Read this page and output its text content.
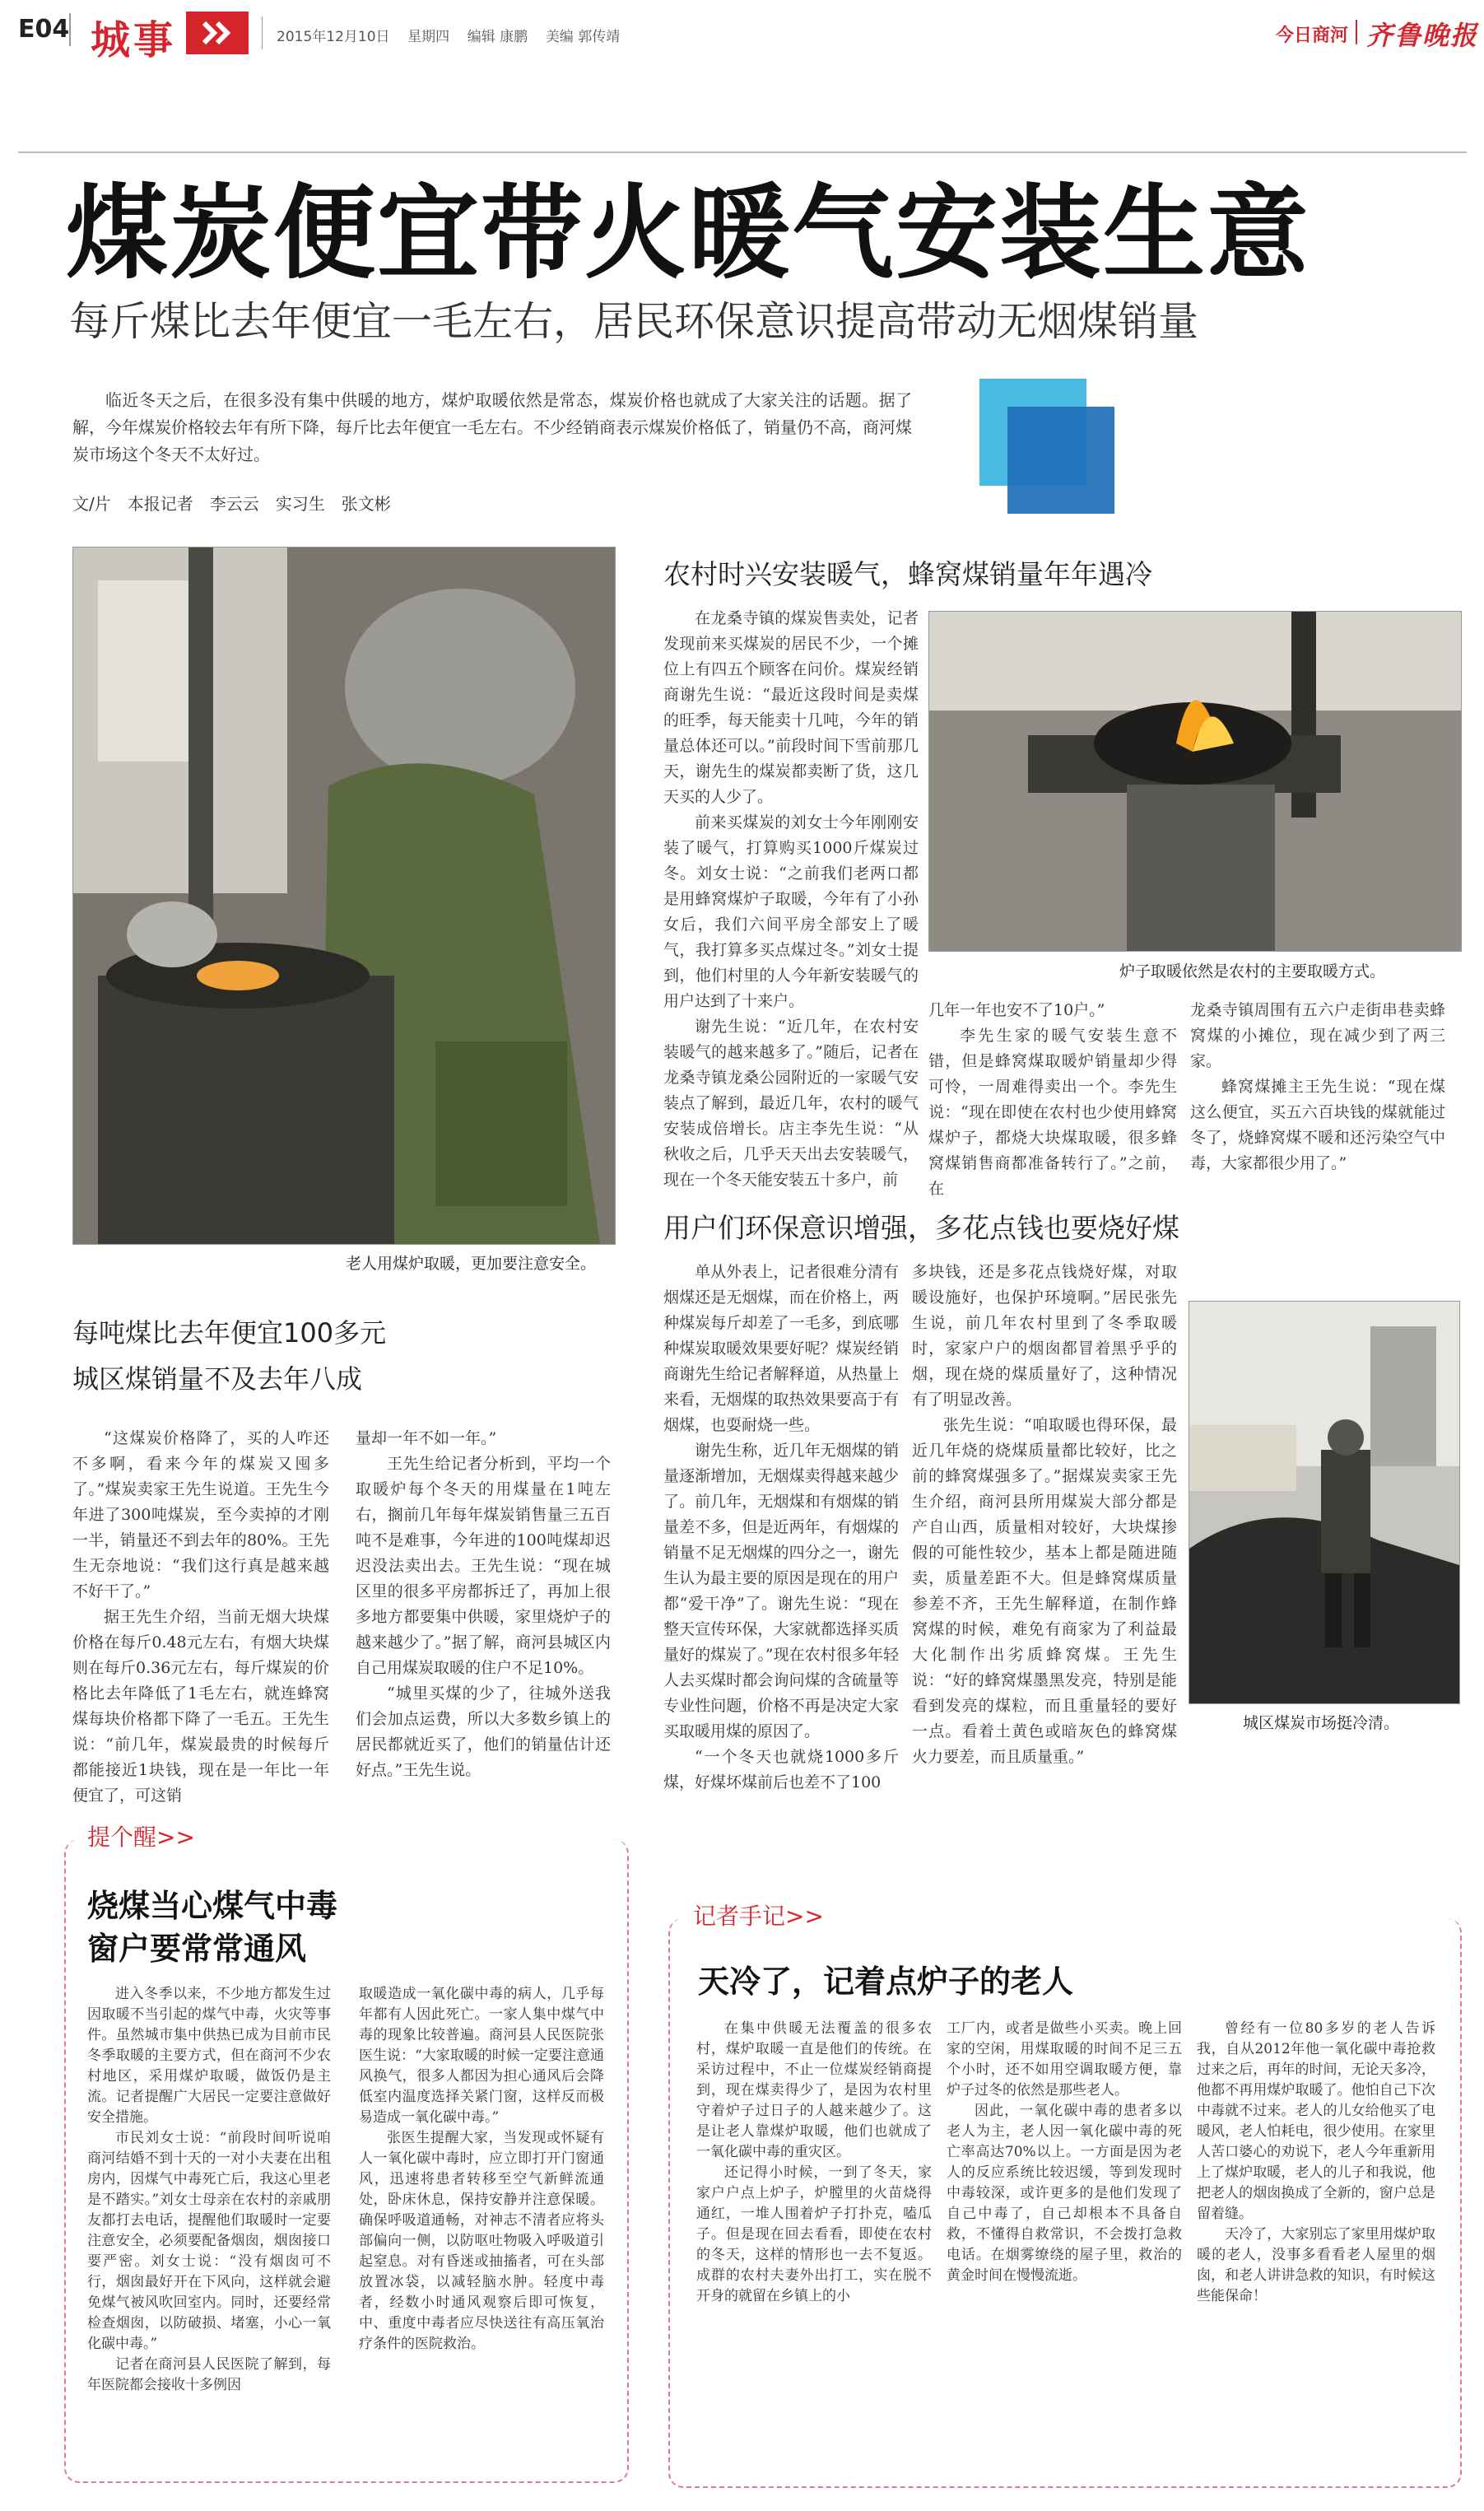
E04 城事	2015年12月10日 星期四 编辑 康鹏 美编 郭传靖	今日商河 齐鲁晚报
煤炭便宜带火暖气安装生意
每斤煤比去年便宜一毛左右，居民环保意识提高带动无烟煤销量

临近冬天之后，在很多没有集中供暖的地方，煤炉取暖依然是常态，煤炭价格也就成了大家关注的话题。据了解，今年煤炭价格较去年有所下降，每斤比去年便宜一毛左右。不少经销商表示煤炭价格低了，销量仍不高，商河煤炭市场这个冬天不太好过。

文/片　本报记者　李云云　实习生　张文彬
老人用煤炉取暖，更加要注意安全。
农村时兴安装暖气，蜂窝煤销量年年遇冷

在龙桑寺镇的煤炭售卖处，记者发现前来买煤炭的居民不少，一个摊位上有四五个顾客在问价。煤炭经销商谢先生说：“最近这段时间是卖煤的旺季，每天能卖十几吨，今年的销量总体还可以。”前段时间下雪前那几天，谢先生的煤炭都卖断了货，这几天买的人少了。

前来买煤炭的刘女士今年刚刚安装了暖气，打算购买1000斤煤炭过冬。刘女士说：“之前我们老两口都是用蜂窝煤炉子取暖，今年有了小孙女后，我们六间平房全部安上了暖气，我打算多买点煤过冬。”刘女士提到，他们村里的人今年新安装暖气的用户达到了十来户。

谢先生说：“近几年，在农村安装暖气的越来越多了。”随后，记者在龙桑寺镇龙桑公园附近的一家暖气安装点了解到，最近几年，农村的暖气安装成倍增长。店主李先生说：“从秋收之后，几乎天天出去安装暖气，现在一个冬天能安装五十多户，前

炉子取暖依然是农村的主要取暖方式。

几年一年也安不了10户。”

李先生家的暖气安装生意不错，但是蜂窝煤取暖炉销量却少得可怜，一周难得卖出一个。李先生说：“现在即使在农村也少使用蜂窝煤炉子，都烧大块煤取暖，很多蜂窝煤销售商都准备转行了。”之前，在

龙桑寺镇周围有五六户走街串巷卖蜂窝煤的小摊位，现在减少到了两三家。

蜂窝煤摊主王先生说：“现在煤这么便宜，买五六百块钱的煤就能过冬了，烧蜂窝煤不暖和还污染空气中毒，大家都很少用了。”

用户们环保意识增强，多花点钱也要烧好煤

单从外表上，记者很难分清有烟煤还是无烟煤，而在价格上，两种煤炭每斤却差了一毛多，到底哪种煤炭取暖效果要好呢？煤炭经销商谢先生给记者解释道，从热量上来看，无烟煤的取热效果要高于有烟煤，也耍耐烧一些。

谢先生称，近几年无烟煤的销量逐渐增加，无烟煤卖得越来越少了。前几年，无烟煤和有烟煤的销量差不多，但是近两年，有烟煤的销量不足无烟煤的四分之一，谢先生认为最主要的原因是现在的用户都“爱干净”了。谢先生说：“现在整天宣传环保，大家就都选择买质量好的煤炭了。”现在农村很多年轻人去买煤时都会询问煤的含硫量等专业性问题，价格不再是决定大家买取暖用煤的原因了。

“一个冬天也就烧1000多斤煤，好煤坏煤前后也差不了100

多块钱，还是多花点钱烧好煤，对取暖设施好，也保护环境啊。”居民张先生说，前几年农村里到了冬季取暖时，家家户户的烟囱都冒着黑乎乎的烟，现在烧的煤质量好了，这种情况有了明显改善。

张先生说：“咱取暖也得环保，最近几年烧的烧煤质量都比较好，比之前的蜂窝煤强多了。”据煤炭卖家王先生介绍，商河县所用煤炭大部分都是产自山西，质量相对较好，大块煤掺假的可能性较少，基本上都是随进随卖，质量差距不大。但是蜂窝煤质量参差不齐，王先生解释道，在制作蜂窝煤的时候，难免有商家为了利益最大化制作出劣质蜂窝煤。王先生说：“好的蜂窝煤墨黑发亮，特别是能看到发亮的煤粒，而且重量轻的要好一点。看着土黄色或暗灰色的蜂窝煤火力要差，而且质量重。”

城区煤炭市场挺冷清。
每吨煤比去年便宜100多元
城区煤销量不及去年八成

“这煤炭价格降了，买的人咋还不多啊，看来今年的煤炭又囤多了。”煤炭卖家王先生说道。王先生今年进了300吨煤炭，至今卖掉的才刚一半，销量还不到去年的80%。王先生无奈地说：“我们这行真是越来越不好干了。”

据王先生介绍，当前无烟大块煤价格在每斤0.48元左右，有烟大块煤则在每斤0.36元左右，每斤煤炭的价格比去年降低了1毛左右，就连蜂窝煤每块价格都下降了一毛五。王先生说：“前几年，煤炭最贵的时候每斤都能接近1块钱，现在是一年比一年便宜了，可这销

量却一年不如一年。”

王先生给记者分析到，平均一个取暖炉每个冬天的用煤量在1吨左右，搁前几年每年煤炭销售量三五百吨不是难事，今年进的100吨煤却迟迟没法卖出去。王先生说：“现在城区里的很多平房都拆迁了，再加上很多地方都要集中供暖，家里烧炉子的越来越少了。”据了解，商河县城区内自己用煤炭取暖的住户不足10%。

“城里买煤的少了，往城外送我们会加点运费，所以大多数乡镇上的居民都就近买了，他们的销量估计还好点。”王先生说。

提个醒>>
烧煤当心煤气中毒
窗户要常常通风

进入冬季以来，不少地方都发生过因取暖不当引起的煤气中毒，火灾等事件。虽然城市集中供热已成为目前市民冬季取暖的主要方式，但在商河不少农村地区，采用煤炉取暖，做饭仍是主流。记者提醒广大居民一定要注意做好安全措施。

市民刘女士说：“前段时间听说咱商河结婚不到十天的一对小夫妻在出租房内，因煤气中毒死亡后，我这心里老是不踏实。”刘女士母亲在农村的亲戚朋友都打去电话，提醒他们取暖时一定要注意安全，必须要配备烟囱，烟囱接口要严密。刘女士说：“没有烟囱可不行，烟囱最好开在下风向，这样就会避免煤气被风吹回室内。同时，还要经常检查烟囱，以防破损、堵塞，小心一氧化碳中毒。”

记者在商河县人民医院了解到，每年医院都会接收十多例因

取暖造成一氧化碳中毒的病人，几乎每年都有人因此死亡。一家人集中煤气中毒的现象比较普遍。商河县人民医院张医生说：“大家取暖的时候一定要注意通风换气，很多人都因为担心通风后会降低室内温度选择关紧门窗，这样反而极易造成一氧化碳中毒。”

张医生提醒大家，当发现或怀疑有人一氧化碳中毒时，应立即打开门窗通风，迅速将患者转移至空气新鲜流通处，卧床休息，保持安静并注意保暖。确保呼吸道通畅，对神志不清者应将头部偏向一侧，以防呕吐物吸入呼吸道引起窒息。对有昏迷或抽搐者，可在头部放置冰袋，以减轻脑水肿。轻度中毒者，经数小时通风观察后即可恢复，中、重度中毒者应尽快送往有高压氧治疗条件的医院救治。

记者手记>>
天冷了，记着点炉子的老人

在集中供暖无法覆盖的很多农村，煤炉取暖一直是他们的传统。在采访过程中，不止一位煤炭经销商提到，现在煤卖得少了，是因为农村里守着炉子过日子的人越来越少了。这是让老人靠煤炉取暖，他们也就成了一氧化碳中毒的重灾区。

还记得小时候，一到了冬天，家家户户点上炉子，炉膛里的火苗烧得通红，一堆人围着炉子打扑克，嗑瓜子。但是现在回去看看，即使在农村的冬天，这样的情形也一去不复返。成群的农村夫妻外出打工，实在脱不开身的就留在乡镇上的小

工厂内，或者是做些小买卖。晚上回家的空闲，用煤取暖的时间不足三五个小时，还不如用空调取暖方便，靠炉子过冬的依然是那些老人。

因此，一氧化碳中毒的患者多以老人为主，老人因一氧化碳中毒的死亡率高达70%以上。一方面是因为老人的反应系统比较迟缓，等到发现时中毒较深，或许更多的是他们发现了自己中毒了，自己却根本不具备自救，不懂得自救常识，不会拨打急救电话。在烟雾缭绕的屋子里，救治的黄金时间在慢慢流逝。

曾经有一位80多岁的老人告诉我，自从2012年他一氧化碳中毒抢救过来之后，再年的时间，无论天多冷，他都不再用煤炉取暖了。他怕自己下次中毒就不过来。老人的儿女给他买了电暖风，老人怕耗电，很少使用。在家里人苦口婆心的劝说下，老人今年重新用上了煤炉取暖，老人的儿子和我说，他把老人的烟囱换成了全新的，窗户总是留着缝。

天冷了，大家别忘了家里用煤炉取暖的老人，没事多看看老人屋里的烟囱，和老人讲讲急救的知识，有时候这些能保命！
